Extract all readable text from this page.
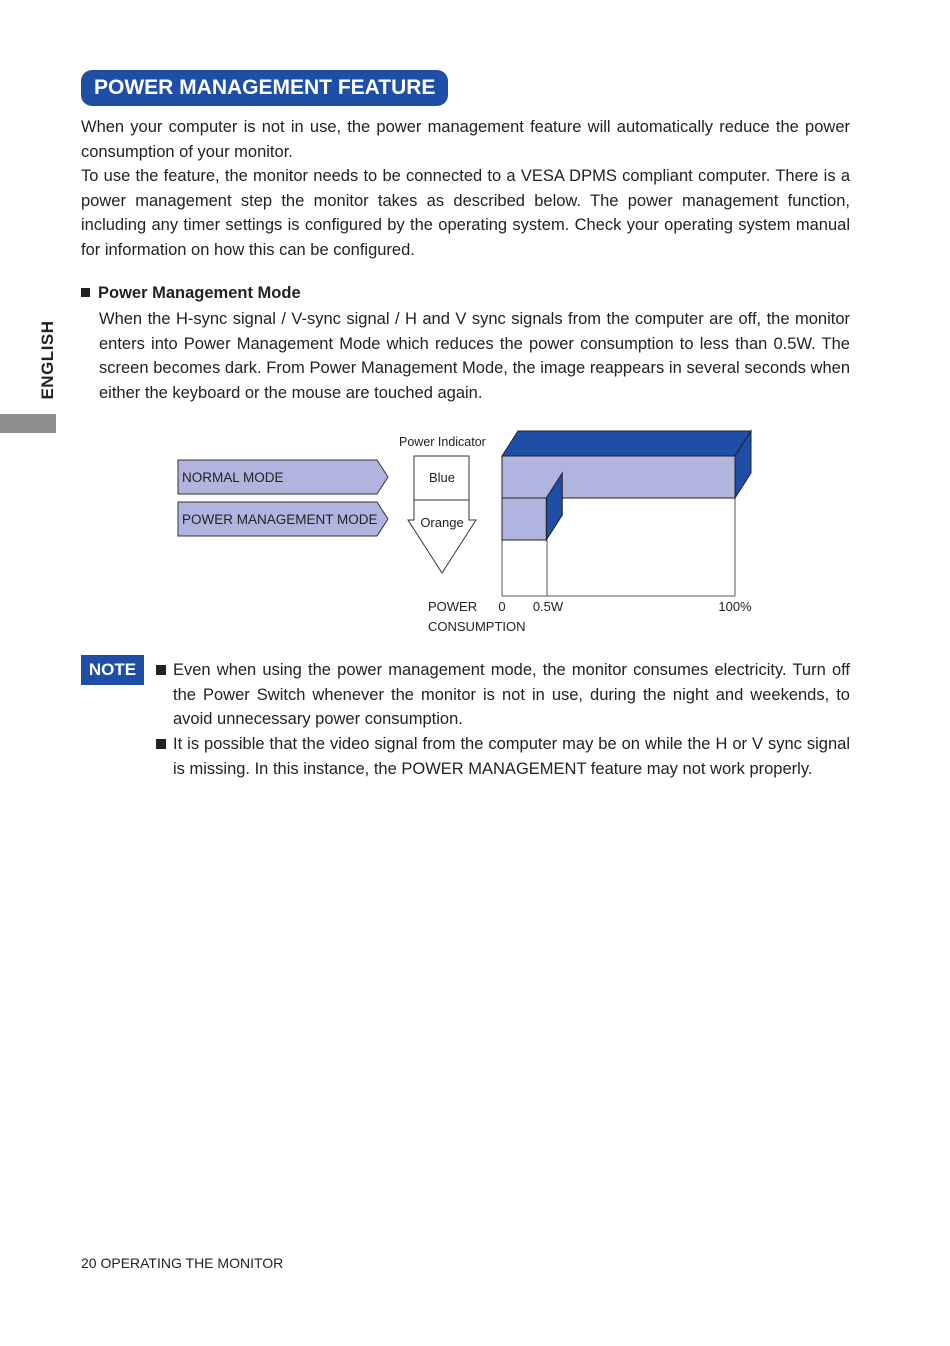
ENGLISH
POWER MANAGEMENT FEATURE

When your computer is not in use, the power management feature will automatically reduce the power consumption of your monitor.

To use the feature, the monitor needs to be connected to a VESA DPMS compliant computer. There is a power management step the monitor takes as described below. The power management function, including any timer settings is configured by the operating system. Check your operating system manual for information on how this can be configured.

Power Management Mode

When the H-sync signal / V-sync signal / H and V sync signals from the computer are off, the monitor enters into Power Management Mode which reduces the power consumption to less than 0.5W. The screen becomes dark. From Power Management Mode, the image reappears in several seconds when either the keyboard or the mouse are touched again.

NORMAL MODE
POWER MANAGEMENT MODE
Power Indicator
Blue
Orange
POWER
CONSUMPTION
0 0.5W	100%
NOTE	Even when using the power management mode, the monitor consumes electricity. Turn off the Power Switch whenever the monitor is not in use, during the night and weekends, to avoid unnecessary power consumption.

It is possible that the video signal from the computer may be on while the H or V sync signal is missing. In this instance, the POWER MANAGEMENT feature may not work properly.

20 OPERATING THE MONITOR
